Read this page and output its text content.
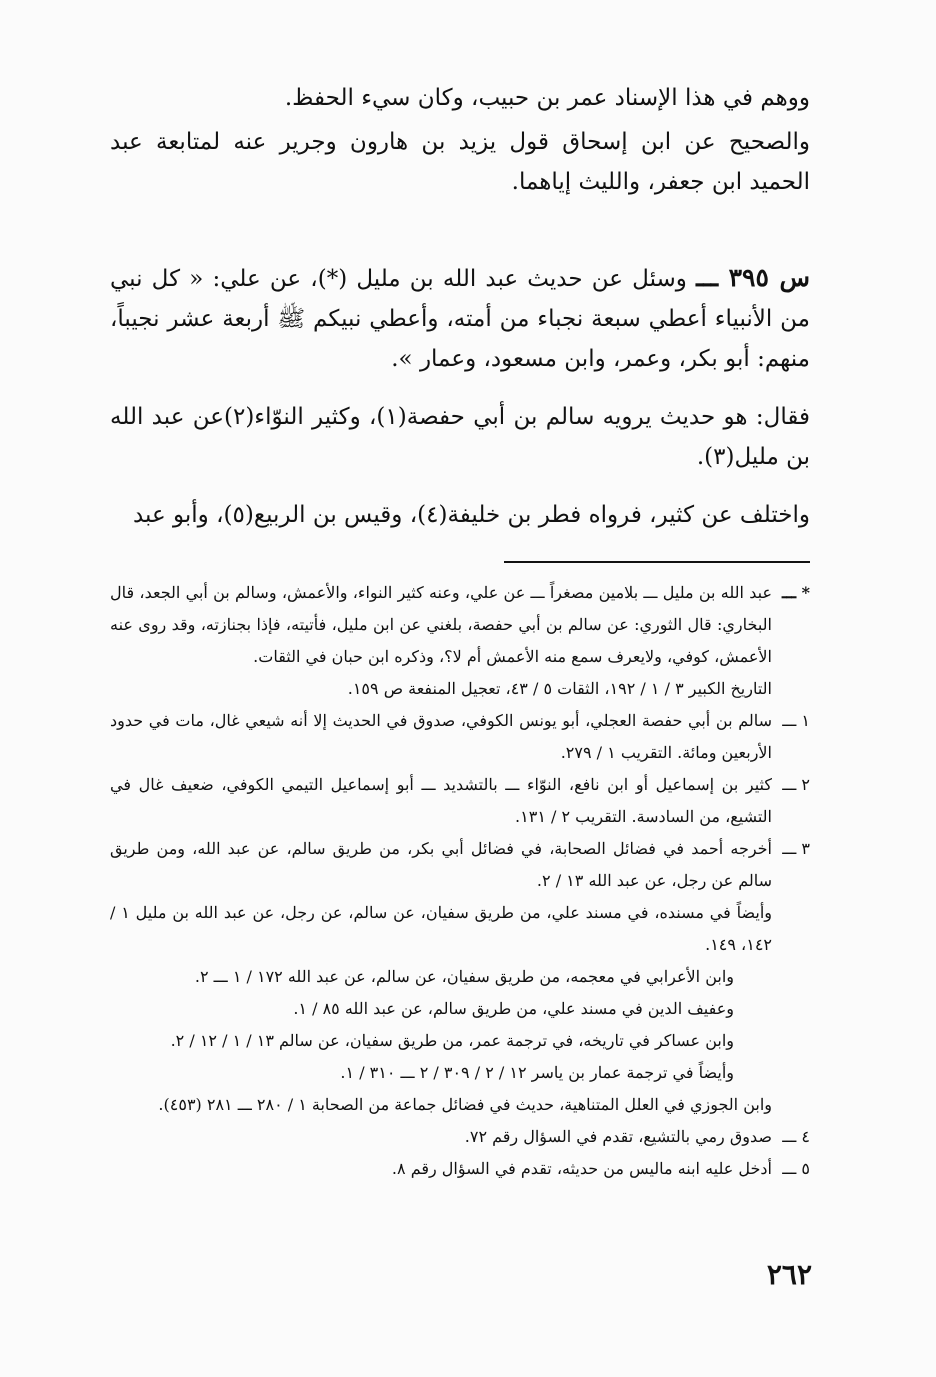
ووهم في هذا الإسناد عمر بن حبيب، وكان سيء الحفظ.

والصحيح عن ابن إسحاق قول يزيد بن هارون وجرير عنه لمتابعة عبد الحميد ابن جعفر، والليث إياهما.

س ٣٩٥ ـــ وسئل عن حديث عبد الله بن مليل (*)، عن علي: « كل نبي من الأنبياء أعطي سبعة نجباء من أمته، وأعطي نبيكم ﷺ أربعة عشر نجيباً، منهم: أبو بكر، وعمر، وابن مسعود، وعمار ».

فقال: هو حديث يرويه سالم بن أبي حفصة(١)، وكثير النوّاء(٢)عن عبد الله بن مليل(٣).

واختلف عن كثير، فرواه فطر بن خليفة(٤)، وقيس بن الربيع(٥)، وأبو عبد

* ـــ
عبد الله بن مليل ـــ بلامين مصغراً ـــ عن علي، وعنه كثير النواء، والأعمش، وسالم بن أبي الجعد، قال البخاري: قال الثوري: عن سالم بن أبي حفصة، بلغني عن ابن مليل، فأتيته، فإذا بجنازته، وقد روى عنه الأعمش، كوفي، ولايعرف سمع منه الأعمش أم لا؟، وذكره ابن حبان في الثقات.
التاريخ الكبير ٣ / ١ / ١٩٢، الثقات ٥ / ٤٣، تعجيل المنفعة ص ١٥٩.
١ ـــ
سالم بن أبي حفصة العجلي، أبو يونس الكوفي، صدوق في الحديث إلا أنه شيعي غال، مات في حدود الأربعين ومائة. التقريب ١ / ٢٧٩.
٢ ـــ
كثير بن إسماعيل أو ابن نافع، النوّاء ـــ بالتشديد ـــ أبو إسماعيل التيمي الكوفي، ضعيف غال في التشيع، من السادسة. التقريب ٢ / ١٣١.
٣ ـــ
أخرجه أحمد في فضائل الصحابة، في فضائل أبي بكر، من طريق سالم، عن عبد الله، ومن طريق سالم عن رجل، عن عبد الله ١٣ / ٢.
وأيضاً في مسنده، في مسند علي، من طريق سفيان، عن سالم، عن رجل، عن عبد الله بن مليل ١ / ١٤٢، ١٤٩.
وابن الأعرابي في معجمه، من طريق سفيان، عن سالم، عن عبد الله ١٧٢ / ١ ـــ ٢.
وعفيف الدين في مسند علي، من طريق سالم، عن عبد الله ٨٥ / ١.
وابن عساكر في تاريخه، في ترجمة عمر، من طريق سفيان، عن سالم ١٣ / ١ / ١٢ / ٢.
وأيضاً في ترجمة عمار بن ياسر ١٢ / ٢ / ٣٠٩ / ٢ ـــ ٣١٠ / ١.
وابن الجوزي في العلل المتناهية، حديث في فضائل جماعة من الصحابة ١ / ٢٨٠ ـــ ٢٨١ (٤٥٣).
٤ ـــ
صدوق رمي بالتشيع، تقدم في السؤال رقم ٧٢.
٥ ـــ
أدخل عليه ابنه ماليس من حديثه، تقدم في السؤال رقم ٨.
٢٦٢
